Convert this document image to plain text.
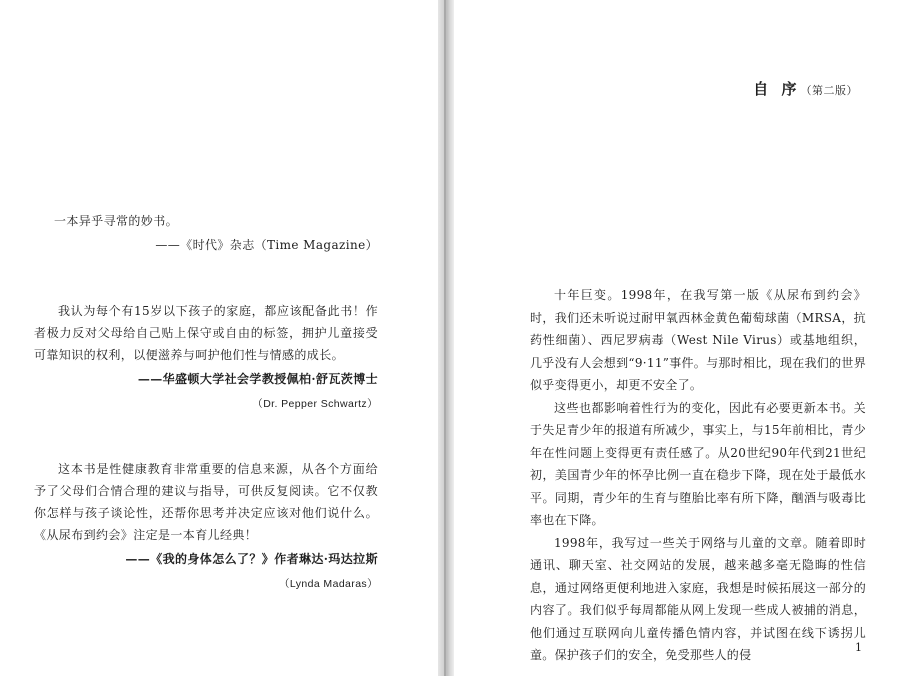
一本异乎寻常的妙书。

——《时代》杂志（Time Magazine）

我认为每个有15岁以下孩子的家庭，都应该配备此书！作者极力反对父母给自己贴上保守或自由的标签，拥护儿童接受可靠知识的权利，以便滋养与呵护他们性与情感的成长。

——华盛顿大学社会学教授佩柏·舒瓦茨博士
（Dr. Pepper Schwartz）

这本书是性健康教育非常重要的信息来源，从各个方面给予了父母们合情合理的建议与指导，可供反复阅读。它不仅教你怎样与孩子谈论性，还帮你思考并决定应该对他们说什么。《从尿布到约会》注定是一本育儿经典！

——《我的身体怎么了？》作者琳达·玛达拉斯
（Lynda Madaras）
自 序（第二版）

十年巨变。1998年，在我写第一版《从尿布到约会》时，我们还未听说过耐甲氧西林金黄色葡萄球菌（MRSA，抗药性细菌）、西尼罗病毒（West Nile Virus）或基地组织，几乎没有人会想到“9·11”事件。与那时相比，现在我们的世界似乎变得更小，却更不安全了。

这些也都影响着性行为的变化，因此有必要更新本书。关于失足青少年的报道有所减少，事实上，与15年前相比，青少年在性问题上变得更有责任感了。从20世纪90年代到21世纪初，美国青少年的怀孕比例一直在稳步下降，现在处于最低水平。同期，青少年的生育与堕胎比率有所下降，酗酒与吸毒比率也在下降。

1998年，我写过一些关于网络与儿童的文章。随着即时通讯、聊天室、社交网站的发展，越来越多毫无隐晦的性信息，通过网络更便利地进入家庭，我想是时候拓展这一部分的内容了。我们似乎每周都能从网上发现一些成人被捕的消息，他们通过互联网向儿童传播色情内容，并试图在线下诱拐儿童。保护孩子们的安全，免受那些人的侵

1
